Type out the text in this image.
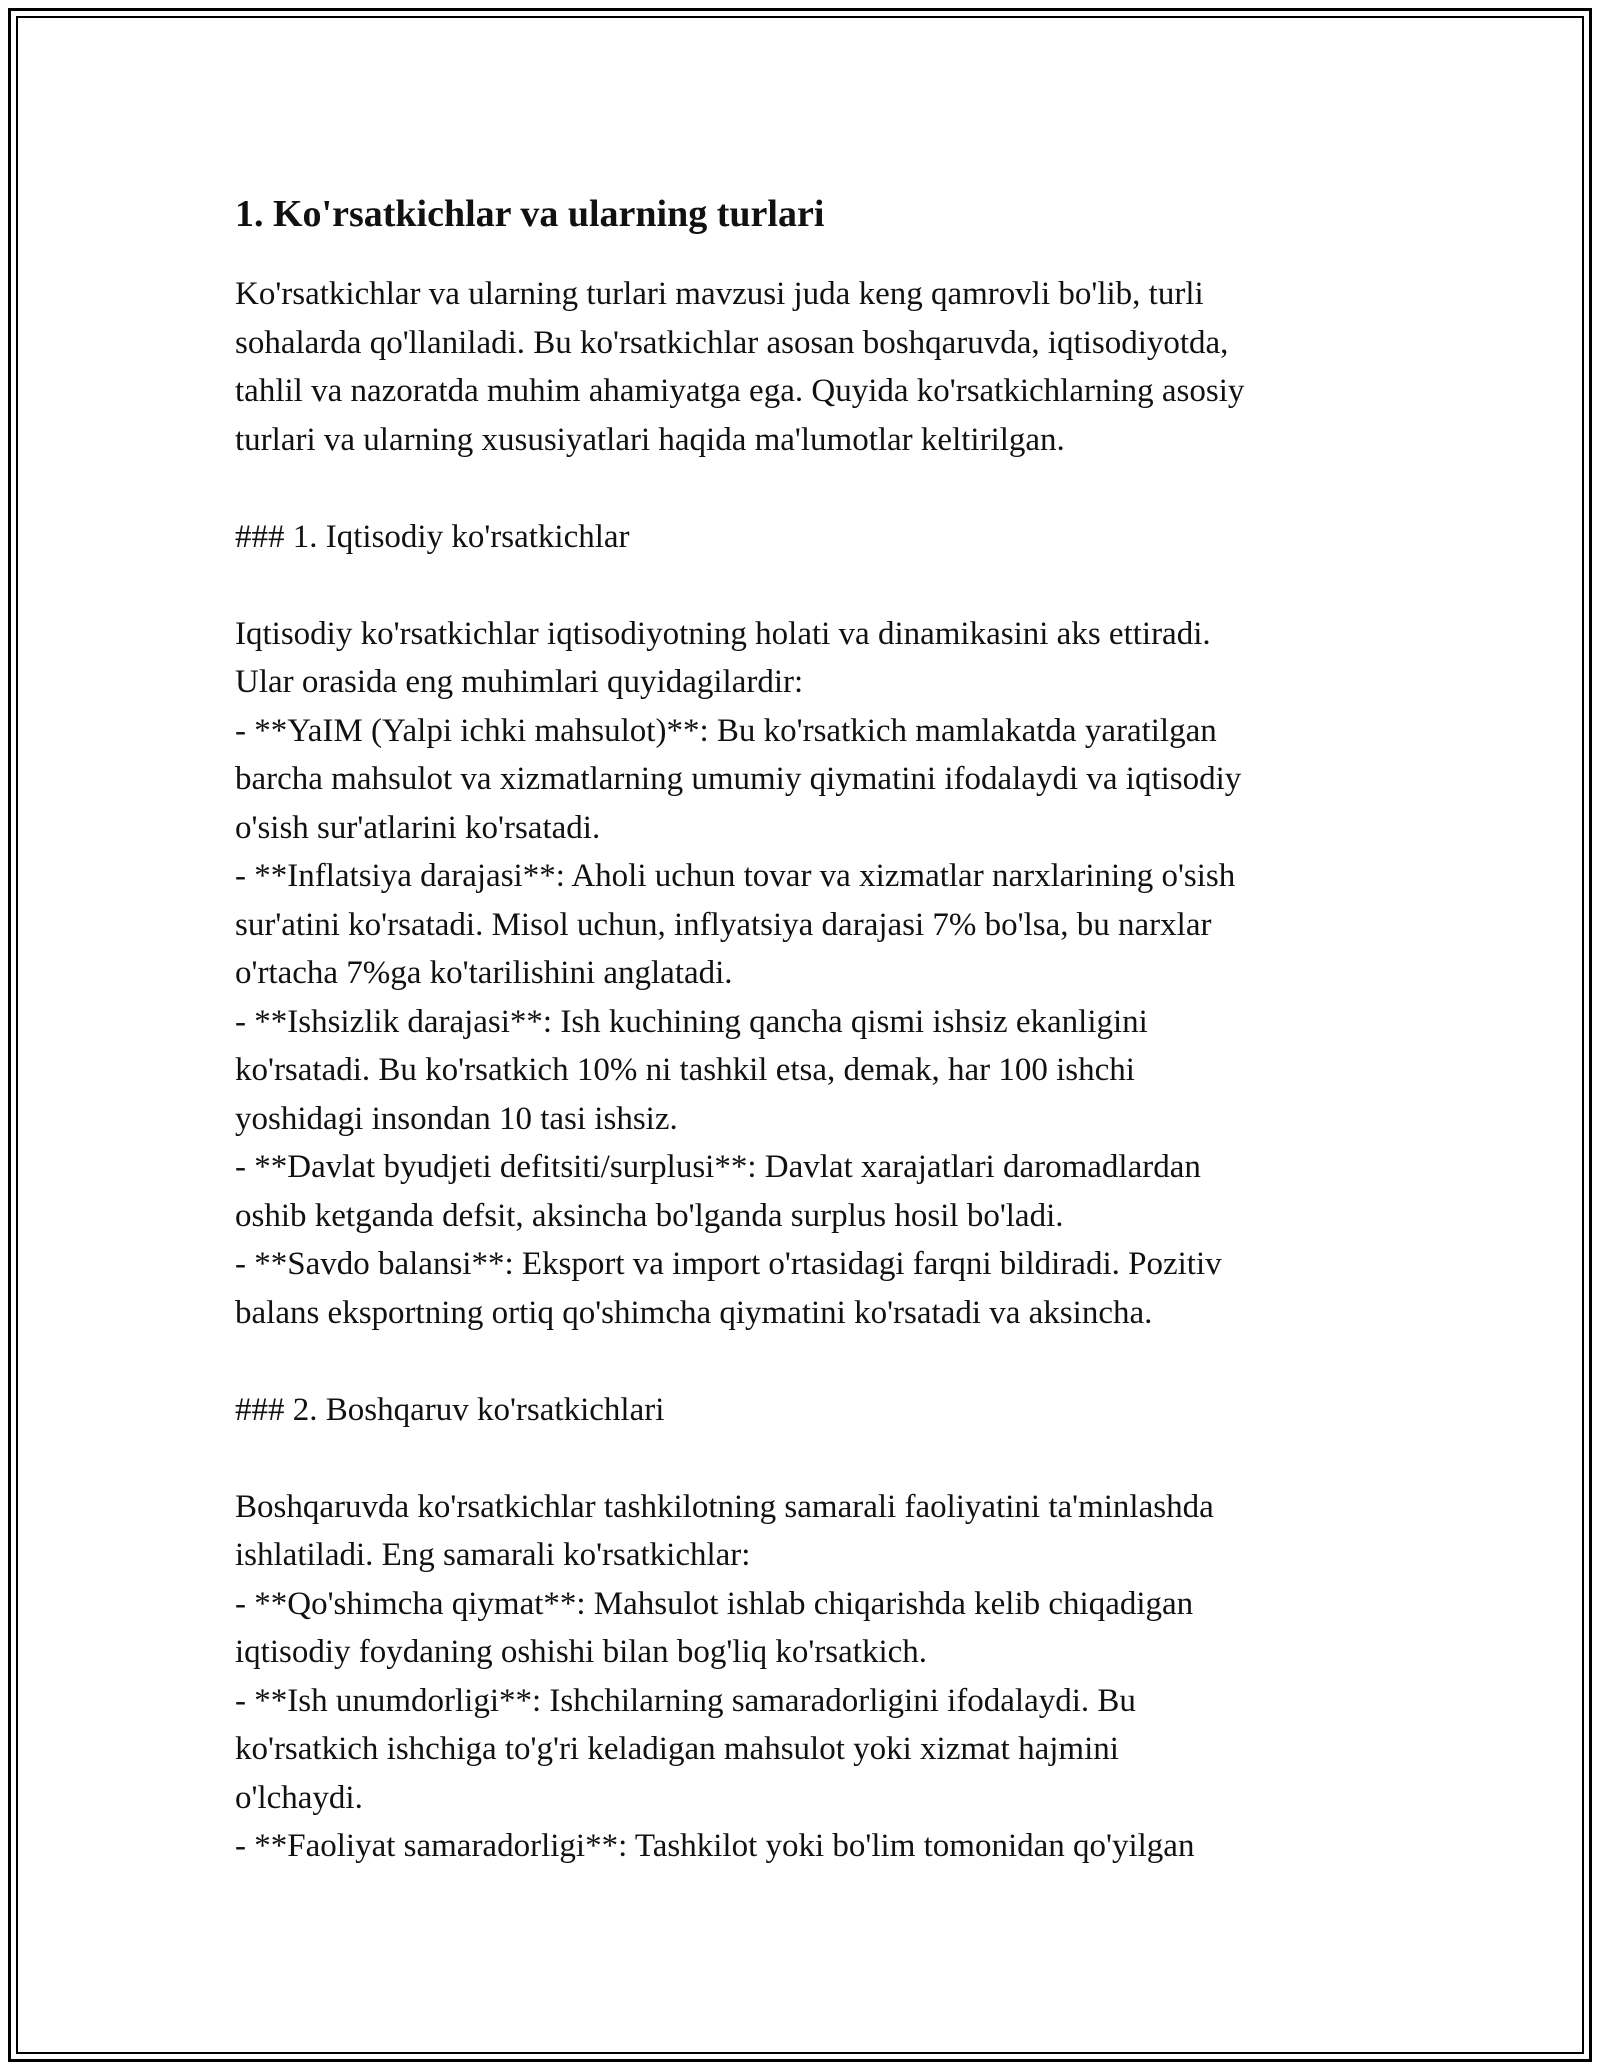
1. Ko'rsatkichlar va ularning turlari
Ko'rsatkichlar va ularning turlari mavzusi juda keng qamrovli bo'lib, turli
sohalarda qo'llaniladi. Bu ko'rsatkichlar asosan boshqaruvda, iqtisodiyotda,
tahlil va nazoratda muhim ahamiyatga ega. Quyida ko'rsatkichlarning asosiy
turlari va ularning xususiyatlari haqida ma'lumotlar keltirilgan.
### 1. Iqtisodiy ko'rsatkichlar
Iqtisodiy ko'rsatkichlar iqtisodiyotning holati va dinamikasini aks ettiradi.
Ular orasida eng muhimlari quyidagilardir:
- **YaIM (Yalpi ichki mahsulot)**: Bu ko'rsatkich mamlakatda yaratilgan
barcha mahsulot va xizmatlarning umumiy qiymatini ifodalaydi va iqtisodiy
o'sish sur'atlarini ko'rsatadi.
- **Inflatsiya darajasi**: Aholi uchun tovar va xizmatlar narxlarining o'sish
sur'atini ko'rsatadi. Misol uchun, inflyatsiya darajasi 7% bo'lsa, bu narxlar
o'rtacha 7%ga ko'tarilishini anglatadi.
- **Ishsizlik darajasi**: Ish kuchining qancha qismi ishsiz ekanligini
ko'rsatadi. Bu ko'rsatkich 10% ni tashkil etsa, demak, har 100 ishchi
yoshidagi insondan 10 tasi ishsiz.
- **Davlat byudjeti defitsiti/surplusi**: Davlat xarajatlari daromadlardan
oshib ketganda defsit, aksincha bo'lganda surplus hosil bo'ladi.
- **Savdo balansi**: Eksport va import o'rtasidagi farqni bildiradi. Pozitiv
balans eksportning ortiq qo'shimcha qiymatini ko'rsatadi va aksincha.
### 2. Boshqaruv ko'rsatkichlari
Boshqaruvda ko'rsatkichlar tashkilotning samarali faoliyatini ta'minlashda
ishlatiladi. Eng samarali ko'rsatkichlar:
- **Qo'shimcha qiymat**: Mahsulot ishlab chiqarishda kelib chiqadigan
iqtisodiy foydaning oshishi bilan bog'liq ko'rsatkich.
- **Ish unumdorligi**: Ishchilarning samaradorligini ifodalaydi. Bu
ko'rsatkich ishchiga to'g'ri keladigan mahsulot yoki xizmat hajmini
o'lchaydi.
- **Faoliyat samaradorligi**: Tashkilot yoki bo'lim tomonidan qo'yilgan
